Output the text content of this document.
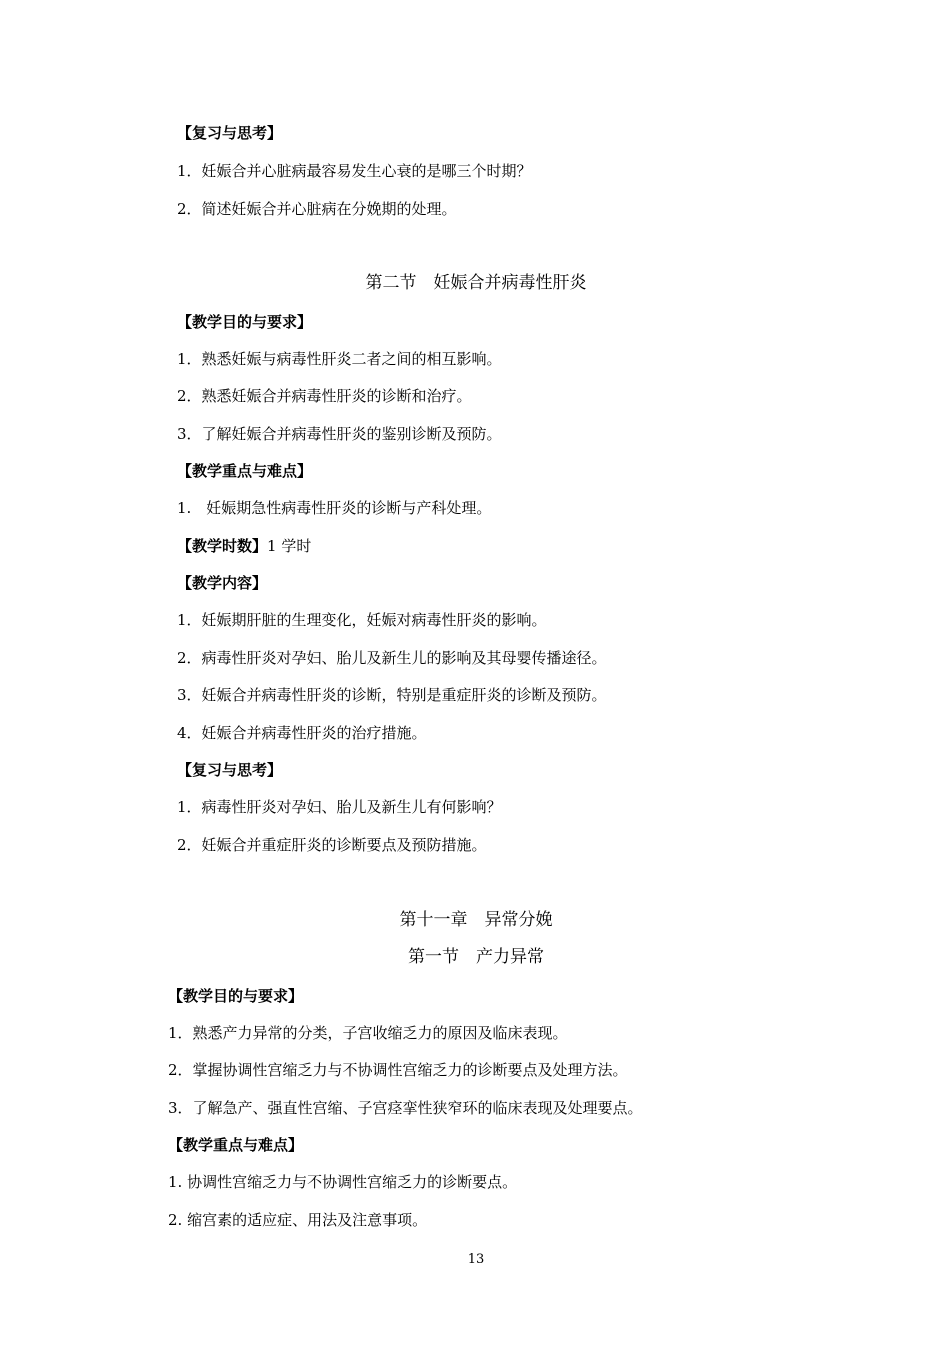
【复习与思考】
1．妊娠合并心脏病最容易发生心衰的是哪三个时期？
2．简述妊娠合并心脏病在分娩期的处理。
第二节　妊娠合并病毒性肝炎
【教学目的与要求】
1．熟悉妊娠与病毒性肝炎二者之间的相互影响。
2．熟悉妊娠合并病毒性肝炎的诊断和治疗。
3．了解妊娠合并病毒性肝炎的鉴别诊断及预防。
【教学重点与难点】
1.　妊娠期急性病毒性肝炎的诊断与产科处理。
【教学时数】1 学时
【教学内容】
1．妊娠期肝脏的生理变化，妊娠对病毒性肝炎的影响。
2．病毒性肝炎对孕妇、胎儿及新生儿的影响及其母婴传播途径。
3．妊娠合并病毒性肝炎的诊断，特别是重症肝炎的诊断及预防。
4．妊娠合并病毒性肝炎的治疗措施。
【复习与思考】
1．病毒性肝炎对孕妇、胎儿及新生儿有何影响？
2．妊娠合并重症肝炎的诊断要点及预防措施。
第十一章　异常分娩
第一节　产力异常
【教学目的与要求】
1．熟悉产力异常的分类，子宫收缩乏力的原因及临床表现。
2．掌握协调性宫缩乏力与不协调性宫缩乏力的诊断要点及处理方法。
3．了解急产、强直性宫缩、子宫痉挛性狭窄环的临床表现及处理要点。
【教学重点与难点】
1. 协调性宫缩乏力与不协调性宫缩乏力的诊断要点。
2. 缩宫素的适应症、用法及注意事项。
13
